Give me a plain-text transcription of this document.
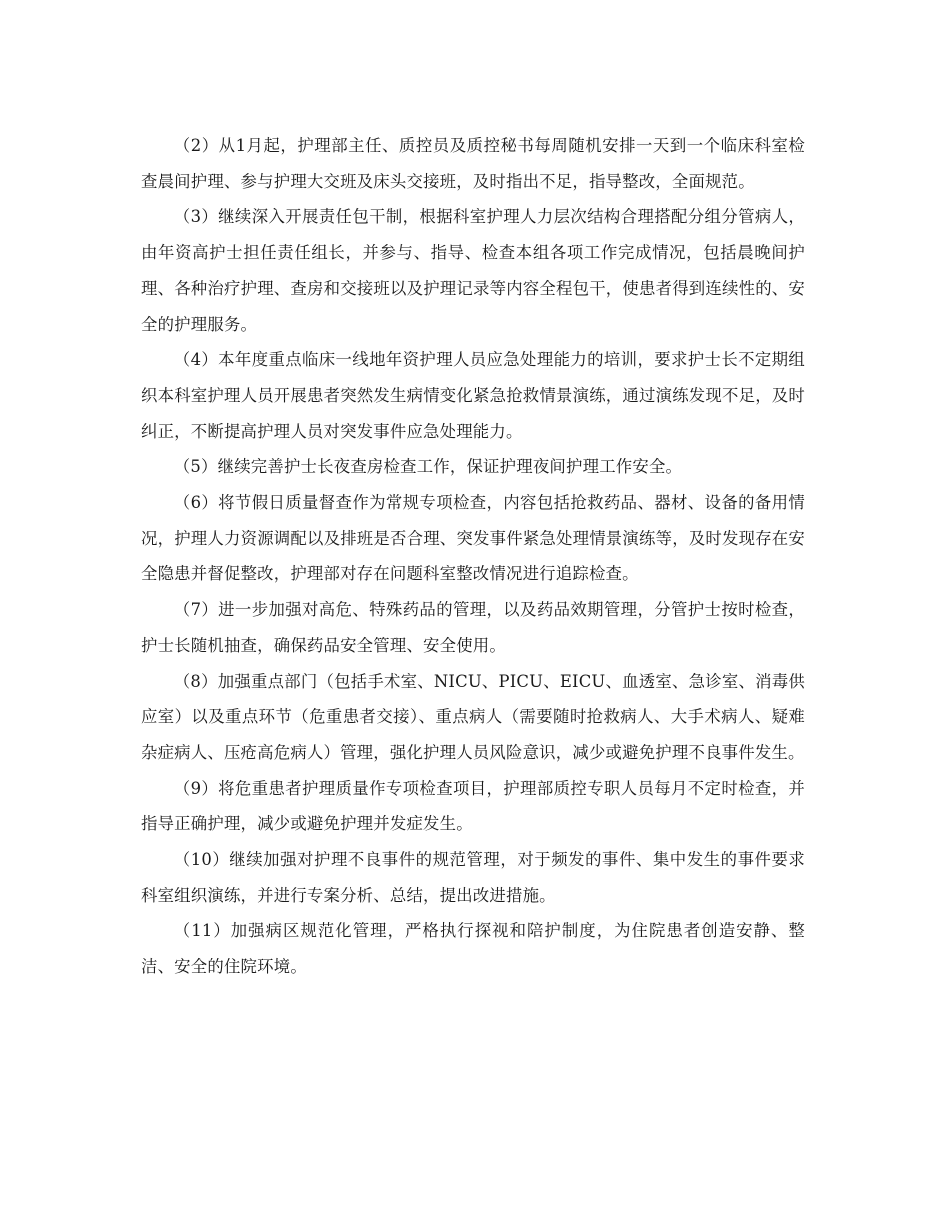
（2）从1月起，护理部主任、质控员及质控秘书每周随机安排一天到一个临床科室检查晨间护理、参与护理大交班及床头交接班，及时指出不足，指导整改，全面规范。

（3）继续深入开展责任包干制，根据科室护理人力层次结构合理搭配分组分管病人，由年资高护士担任责任组长，并参与、指导、检查本组各项工作完成情况，包括晨晚间护理、各种治疗护理、查房和交接班以及护理记录等内容全程包干，使患者得到连续性的、安全的护理服务。

（4）本年度重点临床一线地年资护理人员应急处理能力的培训，要求护士长不定期组织本科室护理人员开展患者突然发生病情变化紧急抢救情景演练，通过演练发现不足，及时纠正，不断提高护理人员对突发事件应急处理能力。

（5）继续完善护士长夜查房检查工作，保证护理夜间护理工作安全。

（6）将节假日质量督查作为常规专项检查，内容包括抢救药品、器材、设备的备用情况，护理人力资源调配以及排班是否合理、突发事件紧急处理情景演练等，及时发现存在安全隐患并督促整改，护理部对存在问题科室整改情况进行追踪检查。

（7）进一步加强对高危、特殊药品的管理，以及药品效期管理，分管护士按时检查，护士长随机抽查，确保药品安全管理、安全使用。

（8）加强重点部门（包括手术室、NICU、PICU、EICU、血透室、急诊室、消毒供应室）以及重点环节（危重患者交接）、重点病人（需要随时抢救病人、大手术病人、疑难杂症病人、压疮高危病人）管理，强化护理人员风险意识，减少或避免护理不良事件发生。

（9）将危重患者护理质量作专项检查项目，护理部质控专职人员每月不定时检查，并指导正确护理，减少或避免护理并发症发生。

（10）继续加强对护理不良事件的规范管理，对于频发的事件、集中发生的事件要求科室组织演练，并进行专案分析、总结，提出改进措施。

（11）加强病区规范化管理，严格执行探视和陪护制度，为住院患者创造安静、整洁、安全的住院环境。
